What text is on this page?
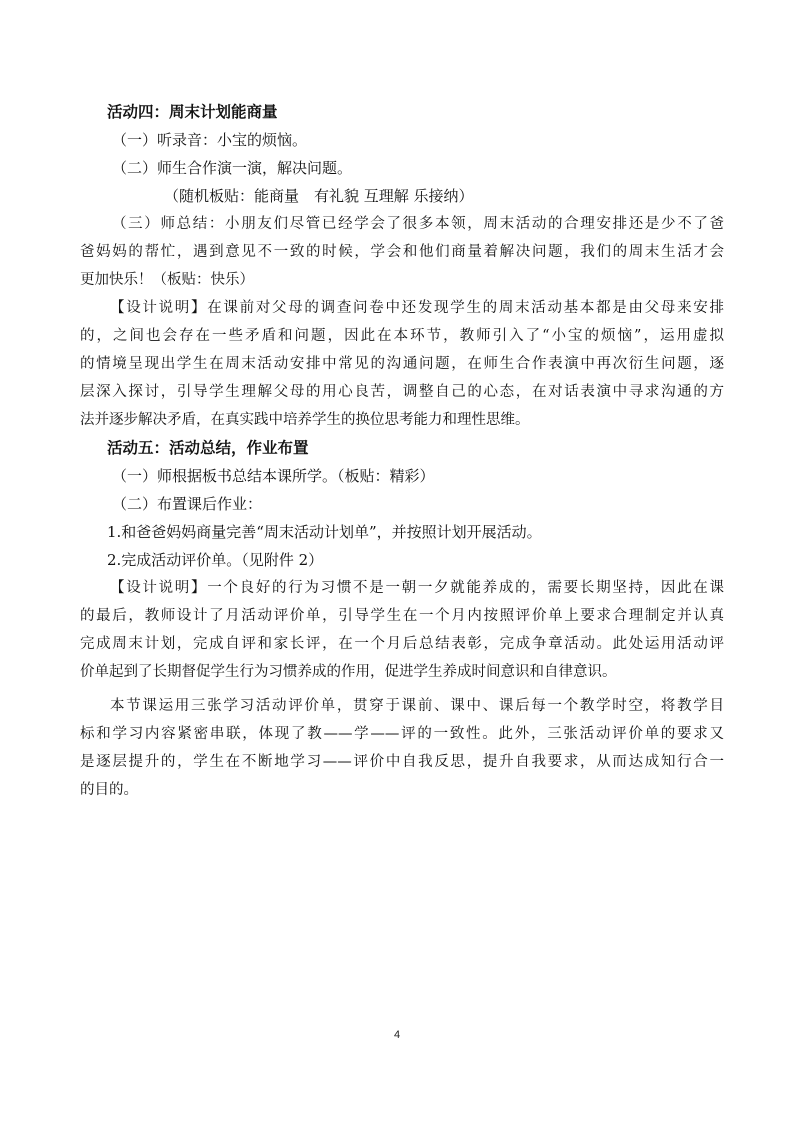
活动四：周末计划能商量
（一）听录音：小宝的烦恼。
（二）师生合作演一演，解决问题。
（随机板贴：能商量　有礼貌 互理解 乐接纳）
（三）师总结：小朋友们尽管已经学会了很多本领，周末活动的合理安排还是少不了爸
爸妈妈的帮忙，遇到意见不一致的时候，学会和他们商量着解决问题，我们的周末生活才会
更加快乐！（板贴：快乐）
【设计说明】在课前对父母的调查问卷中还发现学生的周末活动基本都是由父母来安排
的，之间也会存在一些矛盾和问题，因此在本环节，教师引入了“小宝的烦恼”，运用虚拟
的情境呈现出学生在周末活动安排中常见的沟通问题，在师生合作表演中再次衍生问题，逐
层深入探讨，引导学生理解父母的用心良苦，调整自己的心态，在对话表演中寻求沟通的方
法并逐步解决矛盾，在真实践中培养学生的换位思考能力和理性思维。
活动五：活动总结，作业布置
（一）师根据板书总结本课所学。（板贴：精彩）
（二）布置课后作业：
1.和爸爸妈妈商量完善“周末活动计划单”，并按照计划开展活动。
2.完成活动评价单。（见附件 2）
【设计说明】一个良好的行为习惯不是一朝一夕就能养成的，需要长期坚持，因此在课
的最后，教师设计了月活动评价单，引导学生在一个月内按照评价单上要求合理制定并认真
完成周末计划，完成自评和家长评，在一个月后总结表彰，完成争章活动。此处运用活动评
价单起到了长期督促学生行为习惯养成的作用，促进学生养成时间意识和自律意识。
本节课运用三张学习活动评价单，贯穿于课前、课中、课后每一个教学时空，将教学目
标和学习内容紧密串联，体现了教——学——评的一致性。此外，三张活动评价单的要求又
是逐层提升的，学生在不断地学习——评价中自我反思，提升自我要求，从而达成知行合一
的目的。
4
